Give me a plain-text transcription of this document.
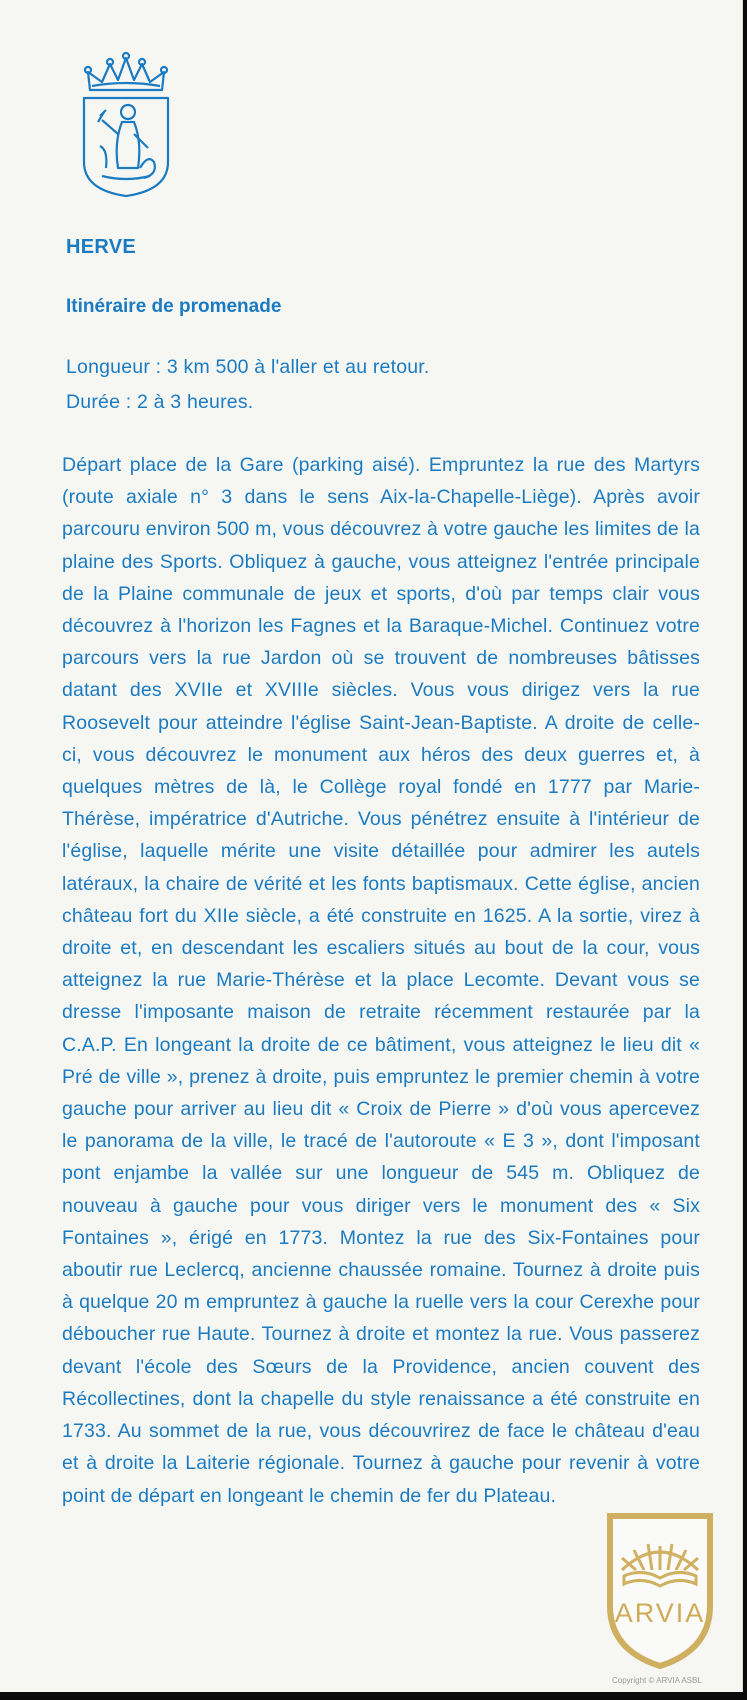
HERVE
Itinéraire de promenade

Longueur : 3 km 500 à l'aller et au retour.

Durée : 2 à 3 heures.

Départ place de la Gare (parking aisé). Empruntez la rue des Martyrs (route axiale n° 3 dans le sens Aix-la-Chapelle-Liège). Après avoir parcouru environ 500 m, vous découvrez à votre gauche les limites de la plaine des Sports. Obliquez à gauche, vous atteignez l'entrée principale de la Plaine communale de jeux et sports, d'où par temps clair vous découvrez à l'horizon les Fagnes et la Baraque-Michel. Continuez votre parcours vers la rue Jardon où se trouvent de nombreuses bâtisses datant des XVIIe et XVIIIe siècles. Vous vous dirigez vers la rue Roosevelt pour atteindre l'église Saint-Jean-Baptiste. A droite de celle-ci, vous découvrez le monument aux héros des deux guerres et, à quelques mètres de là, le Collège royal fondé en 1777 par Marie-Thérèse, impératrice d'Autriche. Vous pénétrez ensuite à l'intérieur de l'église, laquelle mérite une visite détaillée pour admirer les autels latéraux, la chaire de vérité et les fonts baptismaux. Cette église, ancien château fort du XIIe siècle, a été construite en 1625. A la sortie, virez à droite et, en descendant les escaliers situés au bout de la cour, vous atteignez la rue Marie-Thérèse et la place Lecomte. Devant vous se dresse l'imposante maison de retraite récemment restaurée par la C.A.P. En longeant la droite de ce bâtiment, vous atteignez le lieu dit « Pré de ville », prenez à droite, puis empruntez le premier chemin à votre gauche pour arriver au lieu dit « Croix de Pierre » d'où vous apercevez le panorama de la ville, le tracé de l'autoroute « E 3 », dont l'imposant pont enjambe la vallée sur une longueur de 545 m. Obliquez de nouveau à gauche pour vous diriger vers le monument des « Six Fontaines », érigé en 1773. Montez la rue des Six-Fontaines pour aboutir rue Leclercq, ancienne chaussée romaine. Tournez à droite puis à quelque 20 m empruntez à gauche la ruelle vers la cour Cerexhe pour déboucher rue Haute. Tournez à droite et montez la rue. Vous passerez devant l'école des Sœurs de la Providence, ancien couvent des Récollectines, dont la chapelle du style renaissance a été construite en 1733. Au sommet de la rue, vous découvrirez de face le château d'eau et à droite la Laiterie régionale. Tournez à gauche pour revenir à votre point de départ en longeant le chemin de fer du Plateau.

ARVIA
Copyright © ARVIA ASBL
